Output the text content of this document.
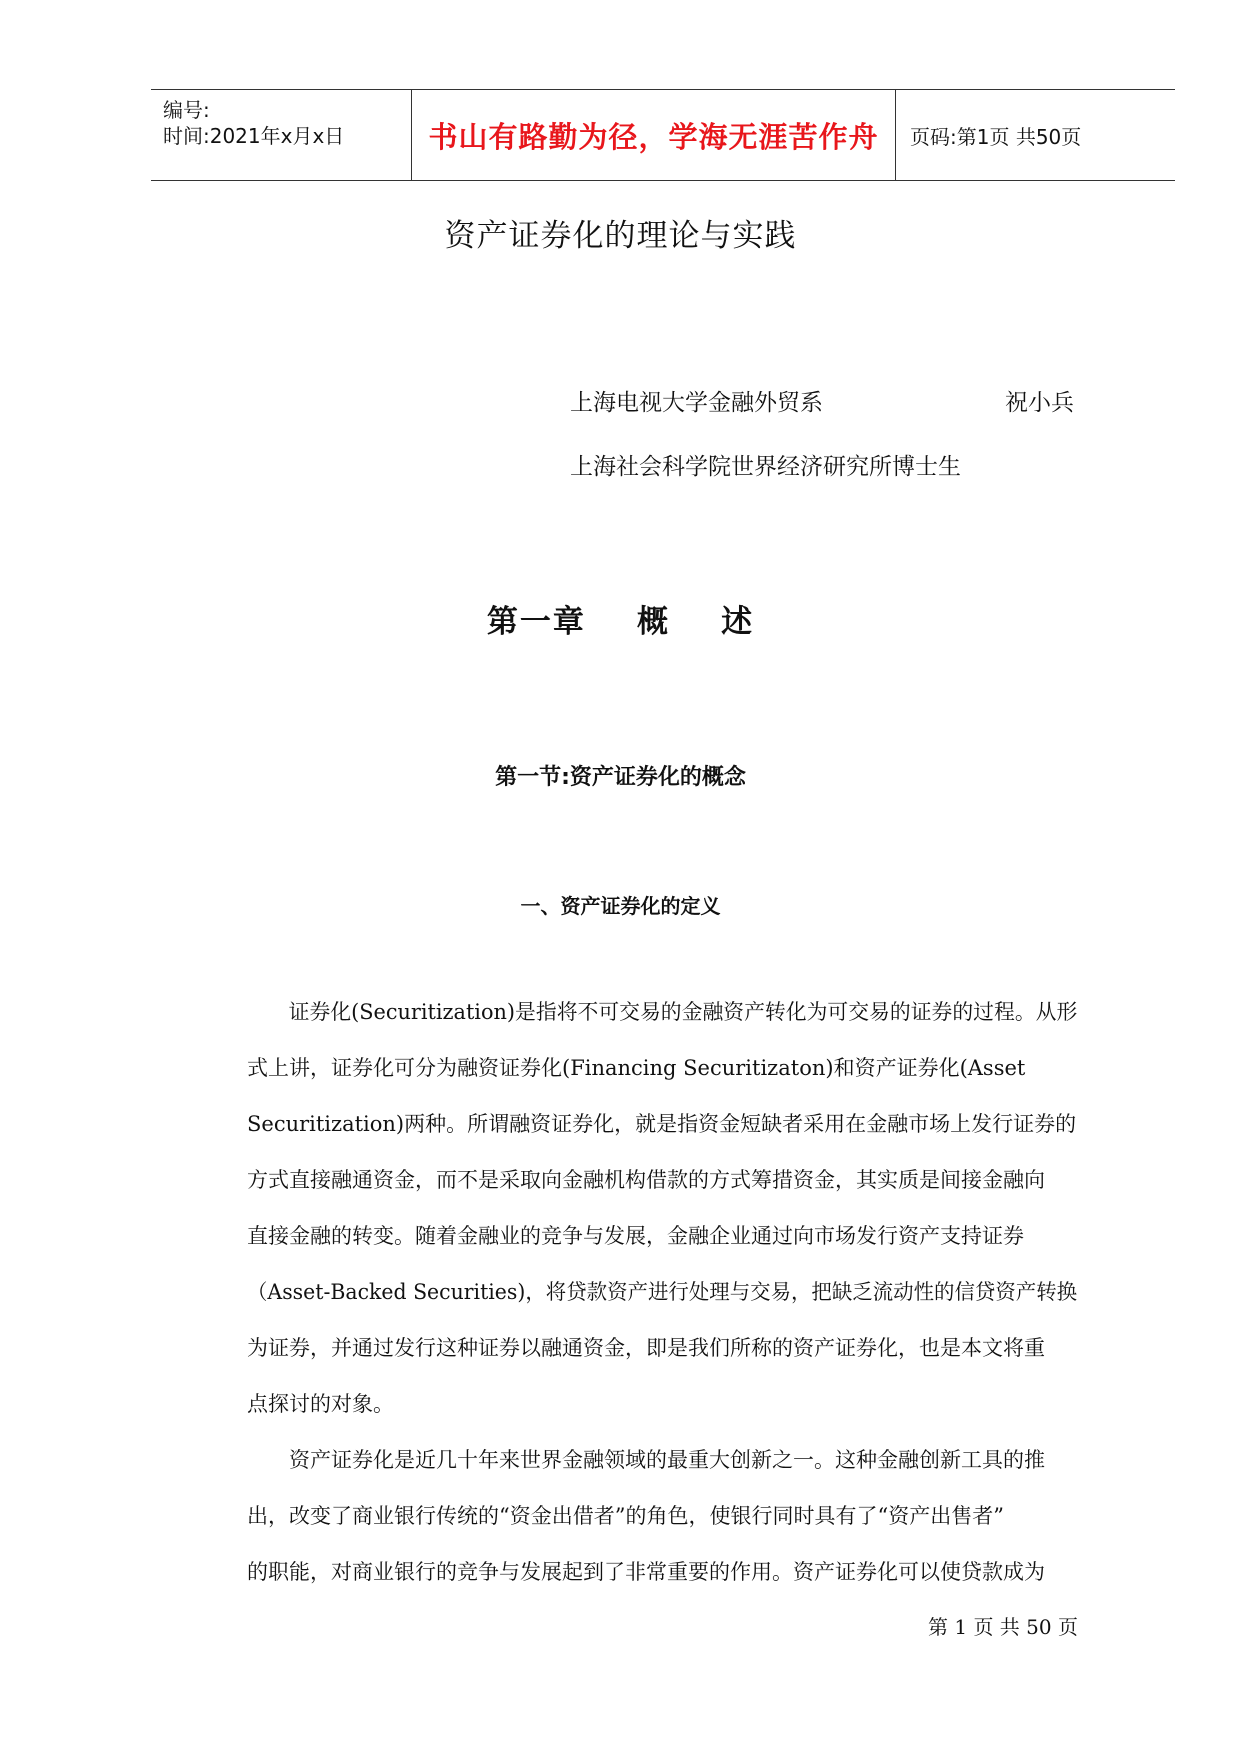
编号:
时间:2021年x月x日	书山有路勤为径，学海无涯苦作舟 页码:第1页 共50页
资产证券化的理论与实践
上海电视大学金融外贸系	祝小兵
上海社会科学院世界经济研究所博士生
第一章    概    述
第一节:资产证券化的概念
一、资产证券化的定义
　　证券化(Securitization)是指将不可交易的金融资产转化为可交易的证券的过程。从形
式上讲，证券化可分为融资证券化(Financing Securitizaton)和资产证券化(Asset
Securitization)两种。所谓融资证券化，就是指资金短缺者采用在金融市场上发行证券的
方式直接融通资金，而不是采取向金融机构借款的方式筹措资金，其实质是间接金融向
直接金融的转变。随着金融业的竞争与发展，金融企业通过向市场发行资产支持证券
（Asset-Backed Securities)，将贷款资产进行处理与交易，把缺乏流动性的信贷资产转换
为证券，并通过发行这种证券以融通资金，即是我们所称的资产证券化，也是本文将重
点探讨的对象。
　　资产证券化是近几十年来世界金融领域的最重大创新之一。这种金融创新工具的推
出，改变了商业银行传统的“资金出借者”的角色，使银行同时具有了“资产出售者”
的职能，对商业银行的竞争与发展起到了非常重要的作用。资产证券化可以使贷款成为
第 1 页 共 50 页
